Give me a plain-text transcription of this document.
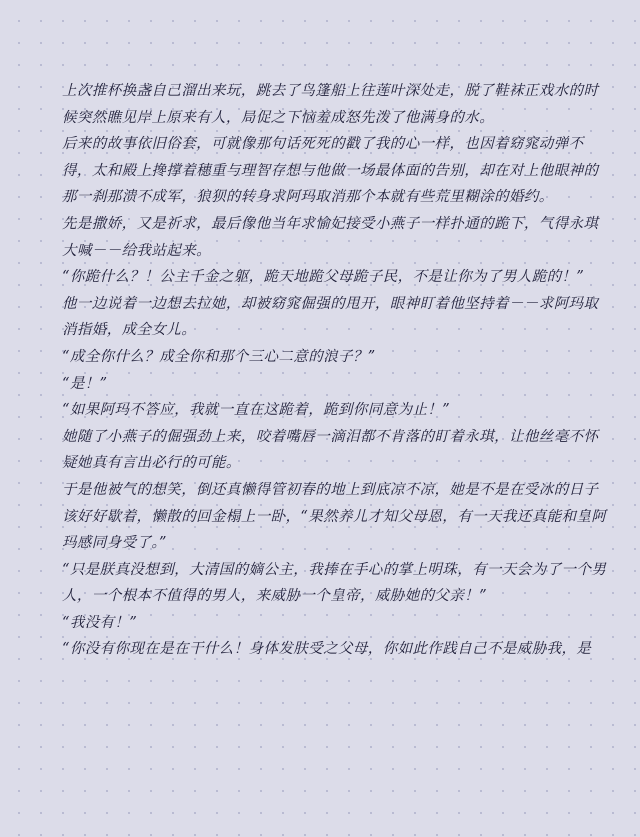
上次推杯换盏自己溜出来玩，跳去了鸟篷船上往莲叶深处走，脱了鞋袜正戏水的时候突然瞧见岸上原来有人，局促之下恼羞成怒先泼了他满身的水。

后来的故事依旧俗套，可就像那句话死死的戳了我的心一样，也因着窈窕动弹不得，太和殿上搀撑着穗重与理智存想与他做一场最体面的告别，却在对上他眼神的那一刹那溃不成军，狼狈的转身求阿玛取消那个本就有些荒里糊涂的婚约。

先是撒娇，又是祈求，最后像他当年求愉妃接受小燕子一样扑通的跪下，气得永琪大喊－－给我站起来。

“你跪什么？！公主千金之躯，跪天地跪父母跪子民，不是让你为了男人跪的！”

他一边说着一边想去拉她，却被窈窕倔强的甩开，眼神盯着他坚持着－－求阿玛取消指婚，成全女儿。

“成全你什么？成全你和那个三心二意的浪子？”

“是！”

“如果阿玛不答应，我就一直在这跪着，跪到你同意为止！”

她随了小燕子的倔强劲上来，咬着嘴唇一滴泪都不肯落的盯着永琪，让他丝毫不怀疑她真有言出必行的可能。

于是他被气的想笑，倒还真懒得管初春的地上到底凉不凉，她是不是在受冰的日子该好好歇着，懒散的回金榻上一卧，“果然养儿才知父母恩，有一天我还真能和皇阿玛感同身受了。”

“只是朕真没想到，大清国的嫡公主，我捧在手心的掌上明珠，有一天会为了一个男人，一个根本不值得的男人，来威胁一个皇帝，威胁她的父亲！”

“我没有！”

“你没有你现在是在干什么！身体发肤受之父母，你如此作践自己不是威胁我，是
